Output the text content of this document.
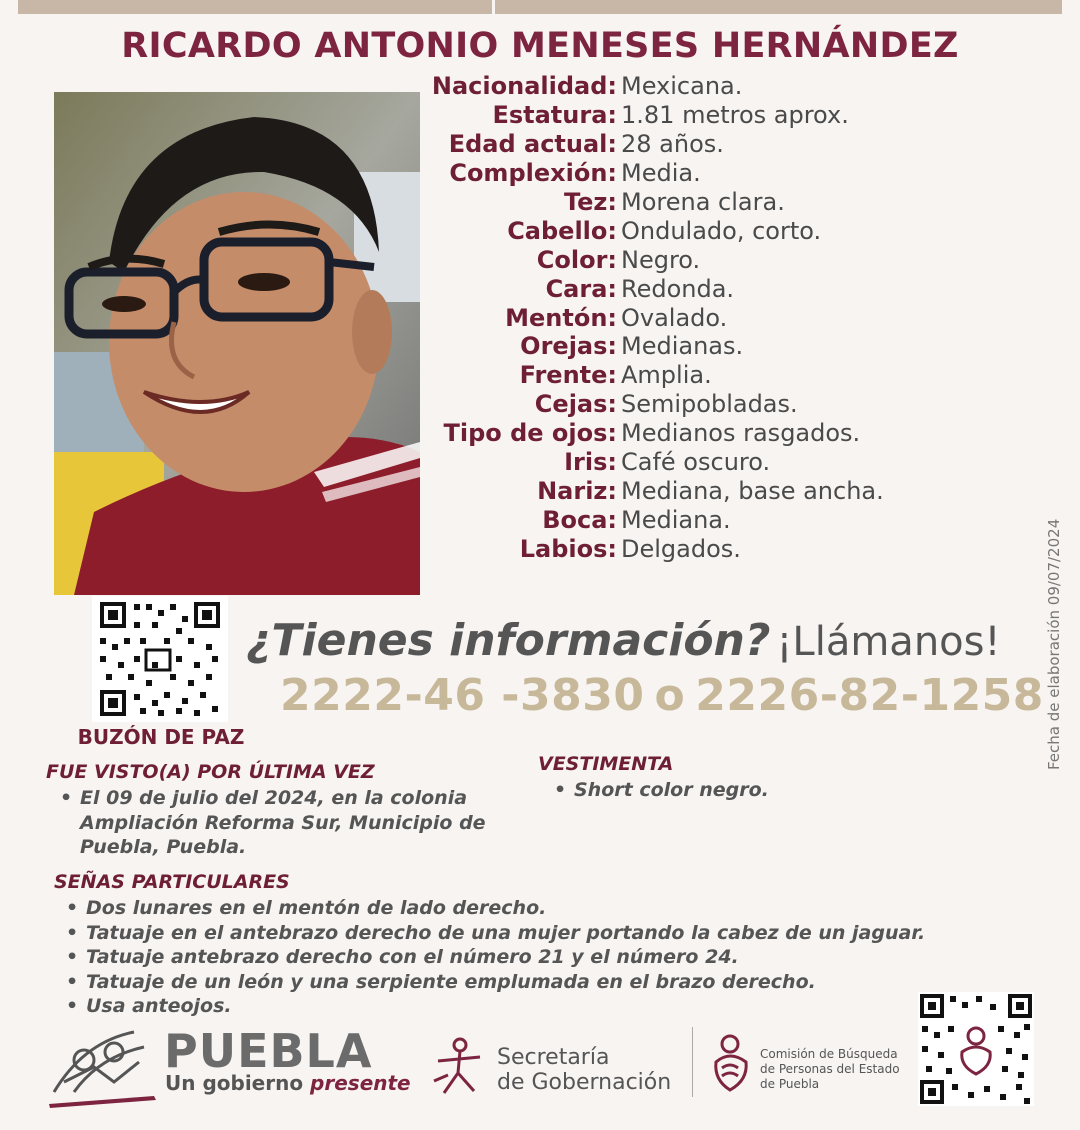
RICARDO ANTONIO MENESES HERNÁNDEZ
Nacionalidad: Mexicana.
Estatura: 1.81 metros aprox.
Edad actual: 28 años.
Complexión: Media.
Tez: Morena clara.
Cabello: Ondulado, corto.
Color: Negro.
Cara: Redonda.
Mentón: Ovalado.
Orejas: Medianas.
Frente: Amplia.
Cejas: Semipobladas.
Tipo de ojos: Medianos rasgados.
Iris: Café oscuro.
Nariz: Mediana, base ancha.
Boca: Mediana.
Labios: Delgados.
BUZÓN DE PAZ
¿Tienes información? ¡Llámanos!
2222-46 -3830 o 2226-82-1258 Fecha de elaboración 09/07/2024
FUE VISTO(A) POR ÚLTIMA VEZ
• El 09 de julio del 2024, en la colonia
Ampliación Reforma Sur, Municipio de
Puebla, Puebla.
VESTIMENTA
• Short color negro.
SEÑAS PARTICULARES
• Dos lunares en el mentón de lado derecho.
• Tatuaje en el antebrazo derecho de una mujer portando la cabez de un jaguar.
• Tatuaje antebrazo derecho con el número 21 y el número 24.
• Tatuaje de un león y una serpiente emplumada en el brazo derecho.
• Usa anteojos.
PUEBLA
Un gobierno presente
Secretaría
de Gobernación
Comisión de Búsqueda
de Personas del Estado
de Puebla
